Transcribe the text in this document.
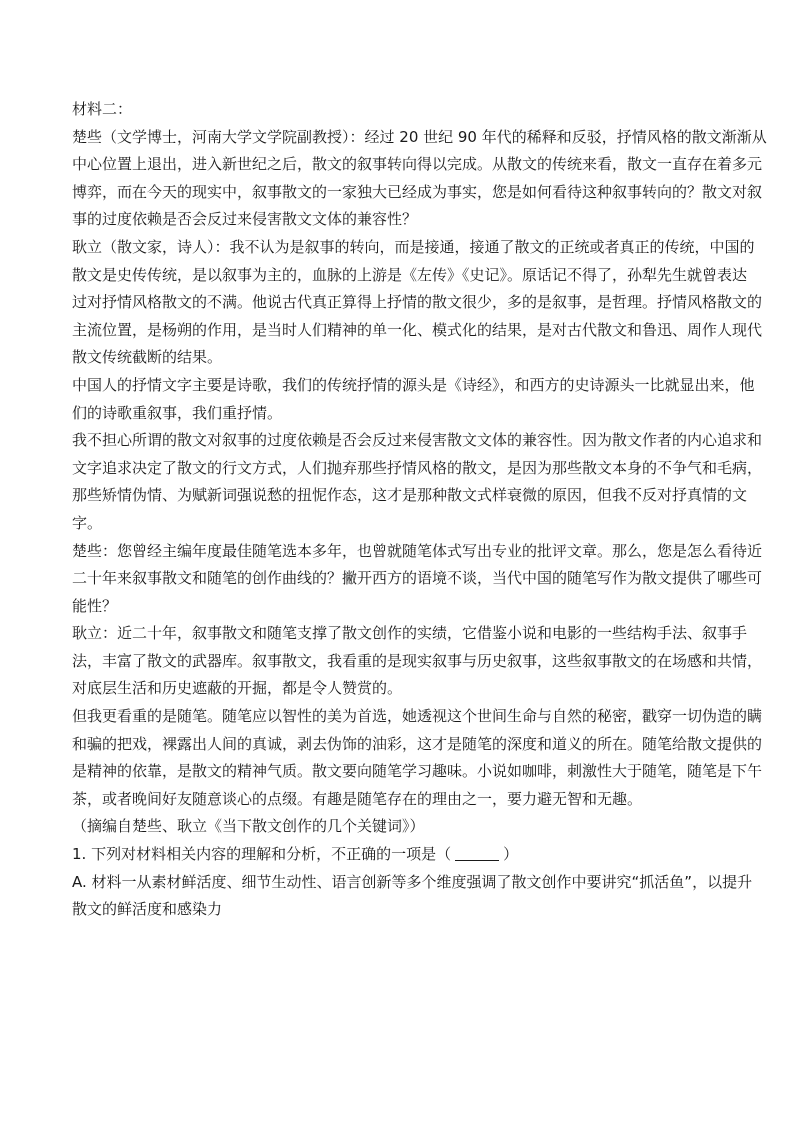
材料二：
楚些（文学博士，河南大学文学院副教授）：经过 20 世纪 90 年代的稀释和反驳，抒情风格的散文渐渐从
中心位置上退出，进入新世纪之后，散文的叙事转向得以完成。从散文的传统来看，散文一直存在着多元
博弈，而在今天的现实中，叙事散文的一家独大已经成为事实，您是如何看待这种叙事转向的？散文对叙
事的过度依赖是否会反过来侵害散文文体的兼容性？
耿立（散文家，诗人）：我不认为是叙事的转向，而是接通，接通了散文的正统或者真正的传统，中国的
散文是史传传统，是以叙事为主的，血脉的上游是《左传》《史记》。原话记不得了，孙犁先生就曾表达
过对抒情风格散文的不满。他说古代真正算得上抒情的散文很少，多的是叙事，是哲理。抒情风格散文的
主流位置，是杨朔的作用，是当时人们精神的单一化、模式化的结果，是对古代散文和鲁迅、周作人现代
散文传统截断的结果。
中国人的抒情文字主要是诗歌，我们的传统抒情的源头是《诗经》，和西方的史诗源头一比就显出来，他
们的诗歌重叙事，我们重抒情。
我不担心所谓的散文对叙事的过度依赖是否会反过来侵害散文文体的兼容性。因为散文作者的内心追求和
文字追求决定了散文的行文方式，人们抛弃那些抒情风格的散文，是因为那些散文本身的不争气和毛病，
那些矫情伪情、为赋新词强说愁的扭怩作态，这才是那种散文式样衰微的原因，但我不反对抒真情的文
字。
楚些：您曾经主编年度最佳随笔选本多年，也曾就随笔体式写出专业的批评文章。那么，您是怎么看待近
二十年来叙事散文和随笔的创作曲线的？撇开西方的语境不谈，当代中国的随笔写作为散文提供了哪些可
能性？
耿立：近二十年，叙事散文和随笔支撑了散文创作的实绩，它借鉴小说和电影的一些结构手法、叙事手
法，丰富了散文的武器库。叙事散文，我看重的是现实叙事与历史叙事，这些叙事散文的在场感和共情，
对底层生活和历史遮蔽的开掘，都是令人赞赏的。
但我更看重的是随笔。随笔应以智性的美为首选，她透视这个世间生命与自然的秘密，戳穿一切伪造的瞒
和骗的把戏，裸露出人间的真诚，剥去伪饰的油彩，这才是随笔的深度和道义的所在。随笔给散文提供的
是精神的依靠，是散文的精神气质。散文要向随笔学习趣味。小说如咖啡，刺激性大于随笔，随笔是下午
茶，或者晚间好友随意谈心的点缀。有趣是随笔存在的理由之一，要力避无智和无趣。
（摘编自楚些、耿立《当下散文创作的几个关键词》）
1. 下列对材料相关内容的理解和分析，不正确的一项是（	）
A. 材料一从素材鲜活度、细节生动性、语言创新等多个维度强调了散文创作中要讲究“抓活鱼”，以提升
散文的鲜活度和感染力
